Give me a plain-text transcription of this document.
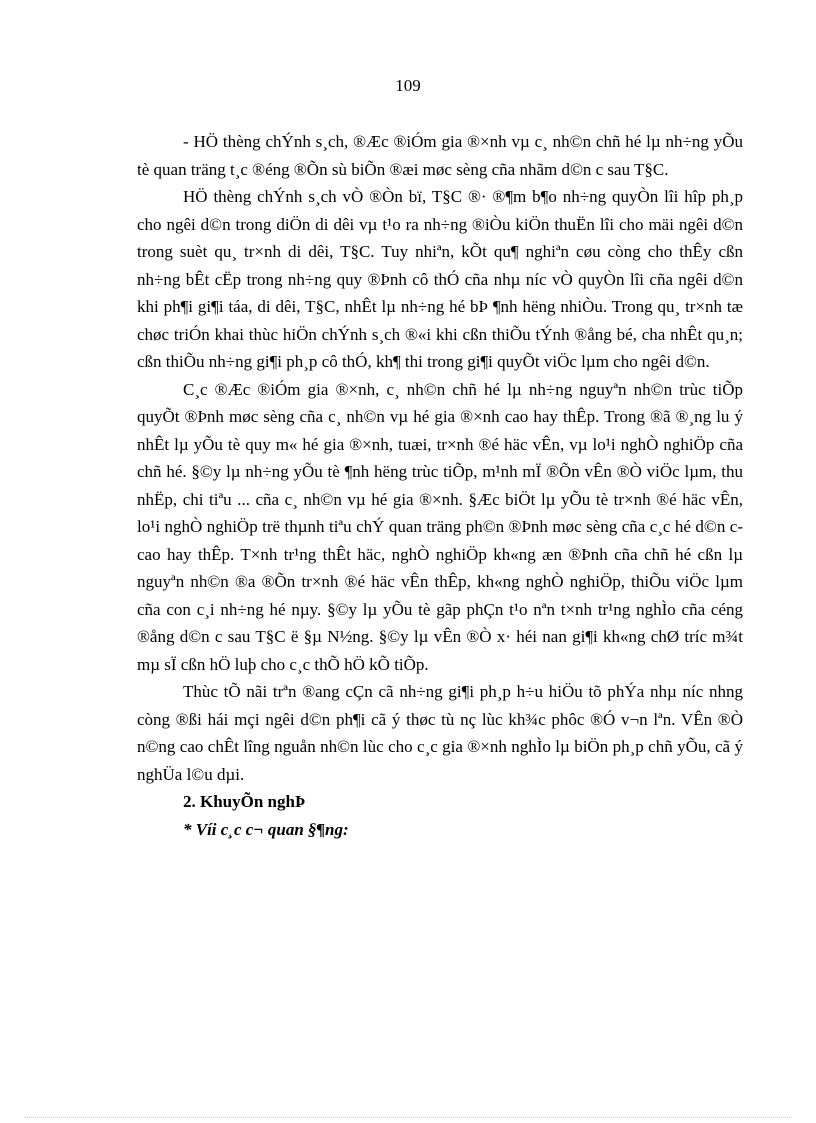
109

- HÖ thèng chÝnh s¸ch, ®Æc ®iÓm gia ®×nh vµ c¸ nh©n chñ hé lµ nh÷ng yÕu tè quan träng t¸c ®éng ®Õn sù biÕn ®æi møc sèng cña nhãm d©n c sau T§C.

HÖ thèng chÝnh s¸ch vÒ ®Òn bï, T§C ®· ®¶m b¶o nh÷ng quyÒn lîi hîp ph¸p cho ngêi d©n trong diÖn di dêi vµ t¹o ra nh÷ng ®iÒu kiÖn thuËn lîi cho mäi ngêi d©n trong suèt qu¸ tr×nh di dêi, T§C. Tuy nhiªn, kÕt qu¶ nghiªn cøu còng cho thÊy cßn nh÷ng bÊt cËp trong nh÷ng quy ®Þnh cô thÓ cña nhµ níc vÒ quyÒn lîi cña ngêi d©n khi ph¶i gi¶i táa, di dêi, T§C, nhÊt lµ nh÷ng hé bÞ ¶nh hëng nhiÒu. Trong qu¸ tr×nh tæ chøc triÓn khai thùc hiÖn chÝnh s¸ch ®«i khi cßn thiÕu tÝnh ®ång bé, cha nhÊt qu¸n; cßn thiÕu nh÷ng gi¶i ph¸p cô thÓ, kh¶ thi trong gi¶i quyÕt viÖc lµm cho ngêi d©n.

C¸c ®Æc ®iÓm gia ®×nh, c¸ nh©n chñ hé lµ nh÷ng nguyªn nh©n trùc tiÕp quyÕt ®Þnh møc sèng cña c¸ nh©n vµ hé gia ®×nh cao hay thÊp. Trong ®ã ®¸ng lu ý nhÊt lµ yÕu tè quy m« hé gia ®×nh, tuæi, tr×nh ®é häc vÊn, vµ lo¹i nghÒ nghiÖp cña chñ hé. §©y lµ nh÷ng yÕu tè ¶nh hëng trùc tiÕp, m¹nh mÏ ®Õn vÊn ®Ò viÖc lµm, thu nhËp, chi tiªu ... cña c¸ nh©n vµ hé gia ®×nh. §Æc biÖt lµ yÕu tè tr×nh ®é häc vÊn, lo¹i nghÒ nghiÖp trë thµnh tiªu chÝ quan träng ph©n ®Þnh møc sèng cña c¸c hé d©n c cao hay thÊp. T×nh tr¹ng thÊt häc, nghÒ nghiÖp kh«ng æn ®Þnh cña chñ hé cßn lµ nguyªn nh©n ®a ®Õn tr×nh ®é häc vÊn thÊp, kh«ng nghÒ nghiÖp, thiÕu viÖc lµm cña con c¸i nh÷ng hé nµy. §©y lµ yÕu tè gãp phÇn t¹o nªn t×nh tr¹ng nghÌo cña céng ®ång d©n c sau T§C ë §µ N½ng. §©y lµ vÊn ®Ò x· héi nan gi¶i kh«ng chØ tríc m¾t mµ sÏ cßn hÖ luþ cho c¸c thÕ hÖ kÕ tiÕp.

Thùc tÕ nãi trªn ®ang cÇn cã nh÷ng gi¶i ph¸p h÷u hiÖu tõ phÝa nhµ níc nhng còng ®ßi hái mçi ngêi d©n ph¶i cã ý thøc tù nç lùc kh¾c phôc ®Ó v¬n lªn. VÊn ®Ò n©ng cao chÊt lîng nguån nh©n lùc cho c¸c gia ®×nh nghÌo lµ biÖn ph¸p chñ yÕu, cã ý nghÜa l©u dµi.

2. KhuyÕn nghÞ
* Víi c¸c c¬ quan §¶ng:
